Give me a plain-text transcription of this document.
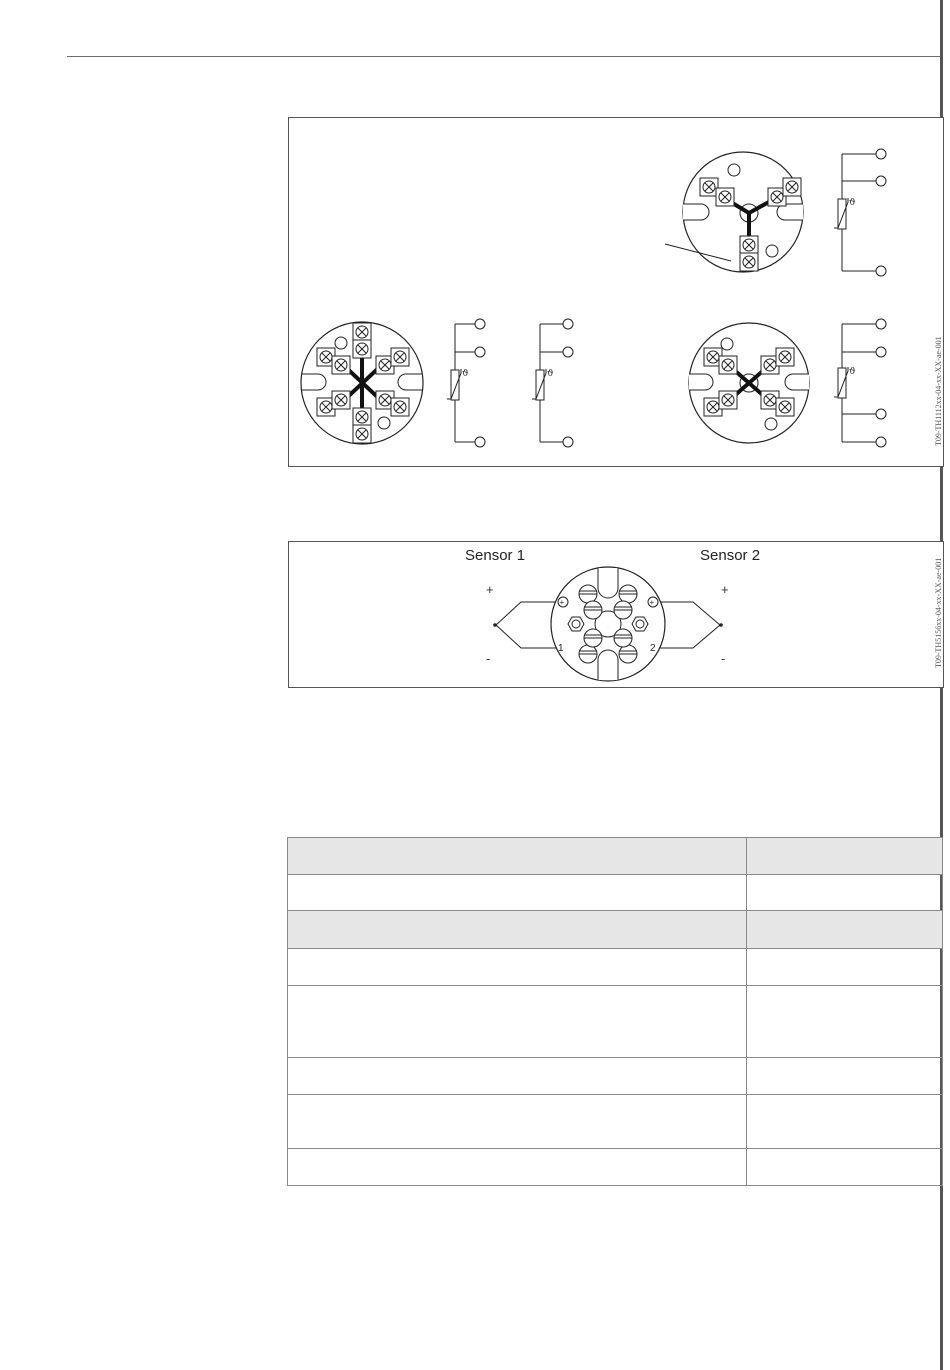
ϑ
T09-TH1112xx-04-xx-XX-ae-001
Sensor 1	Sensor 2
+
-
+
-
+	+
1	2	T09-TH5156xx-04-xx-XX-ae-001
